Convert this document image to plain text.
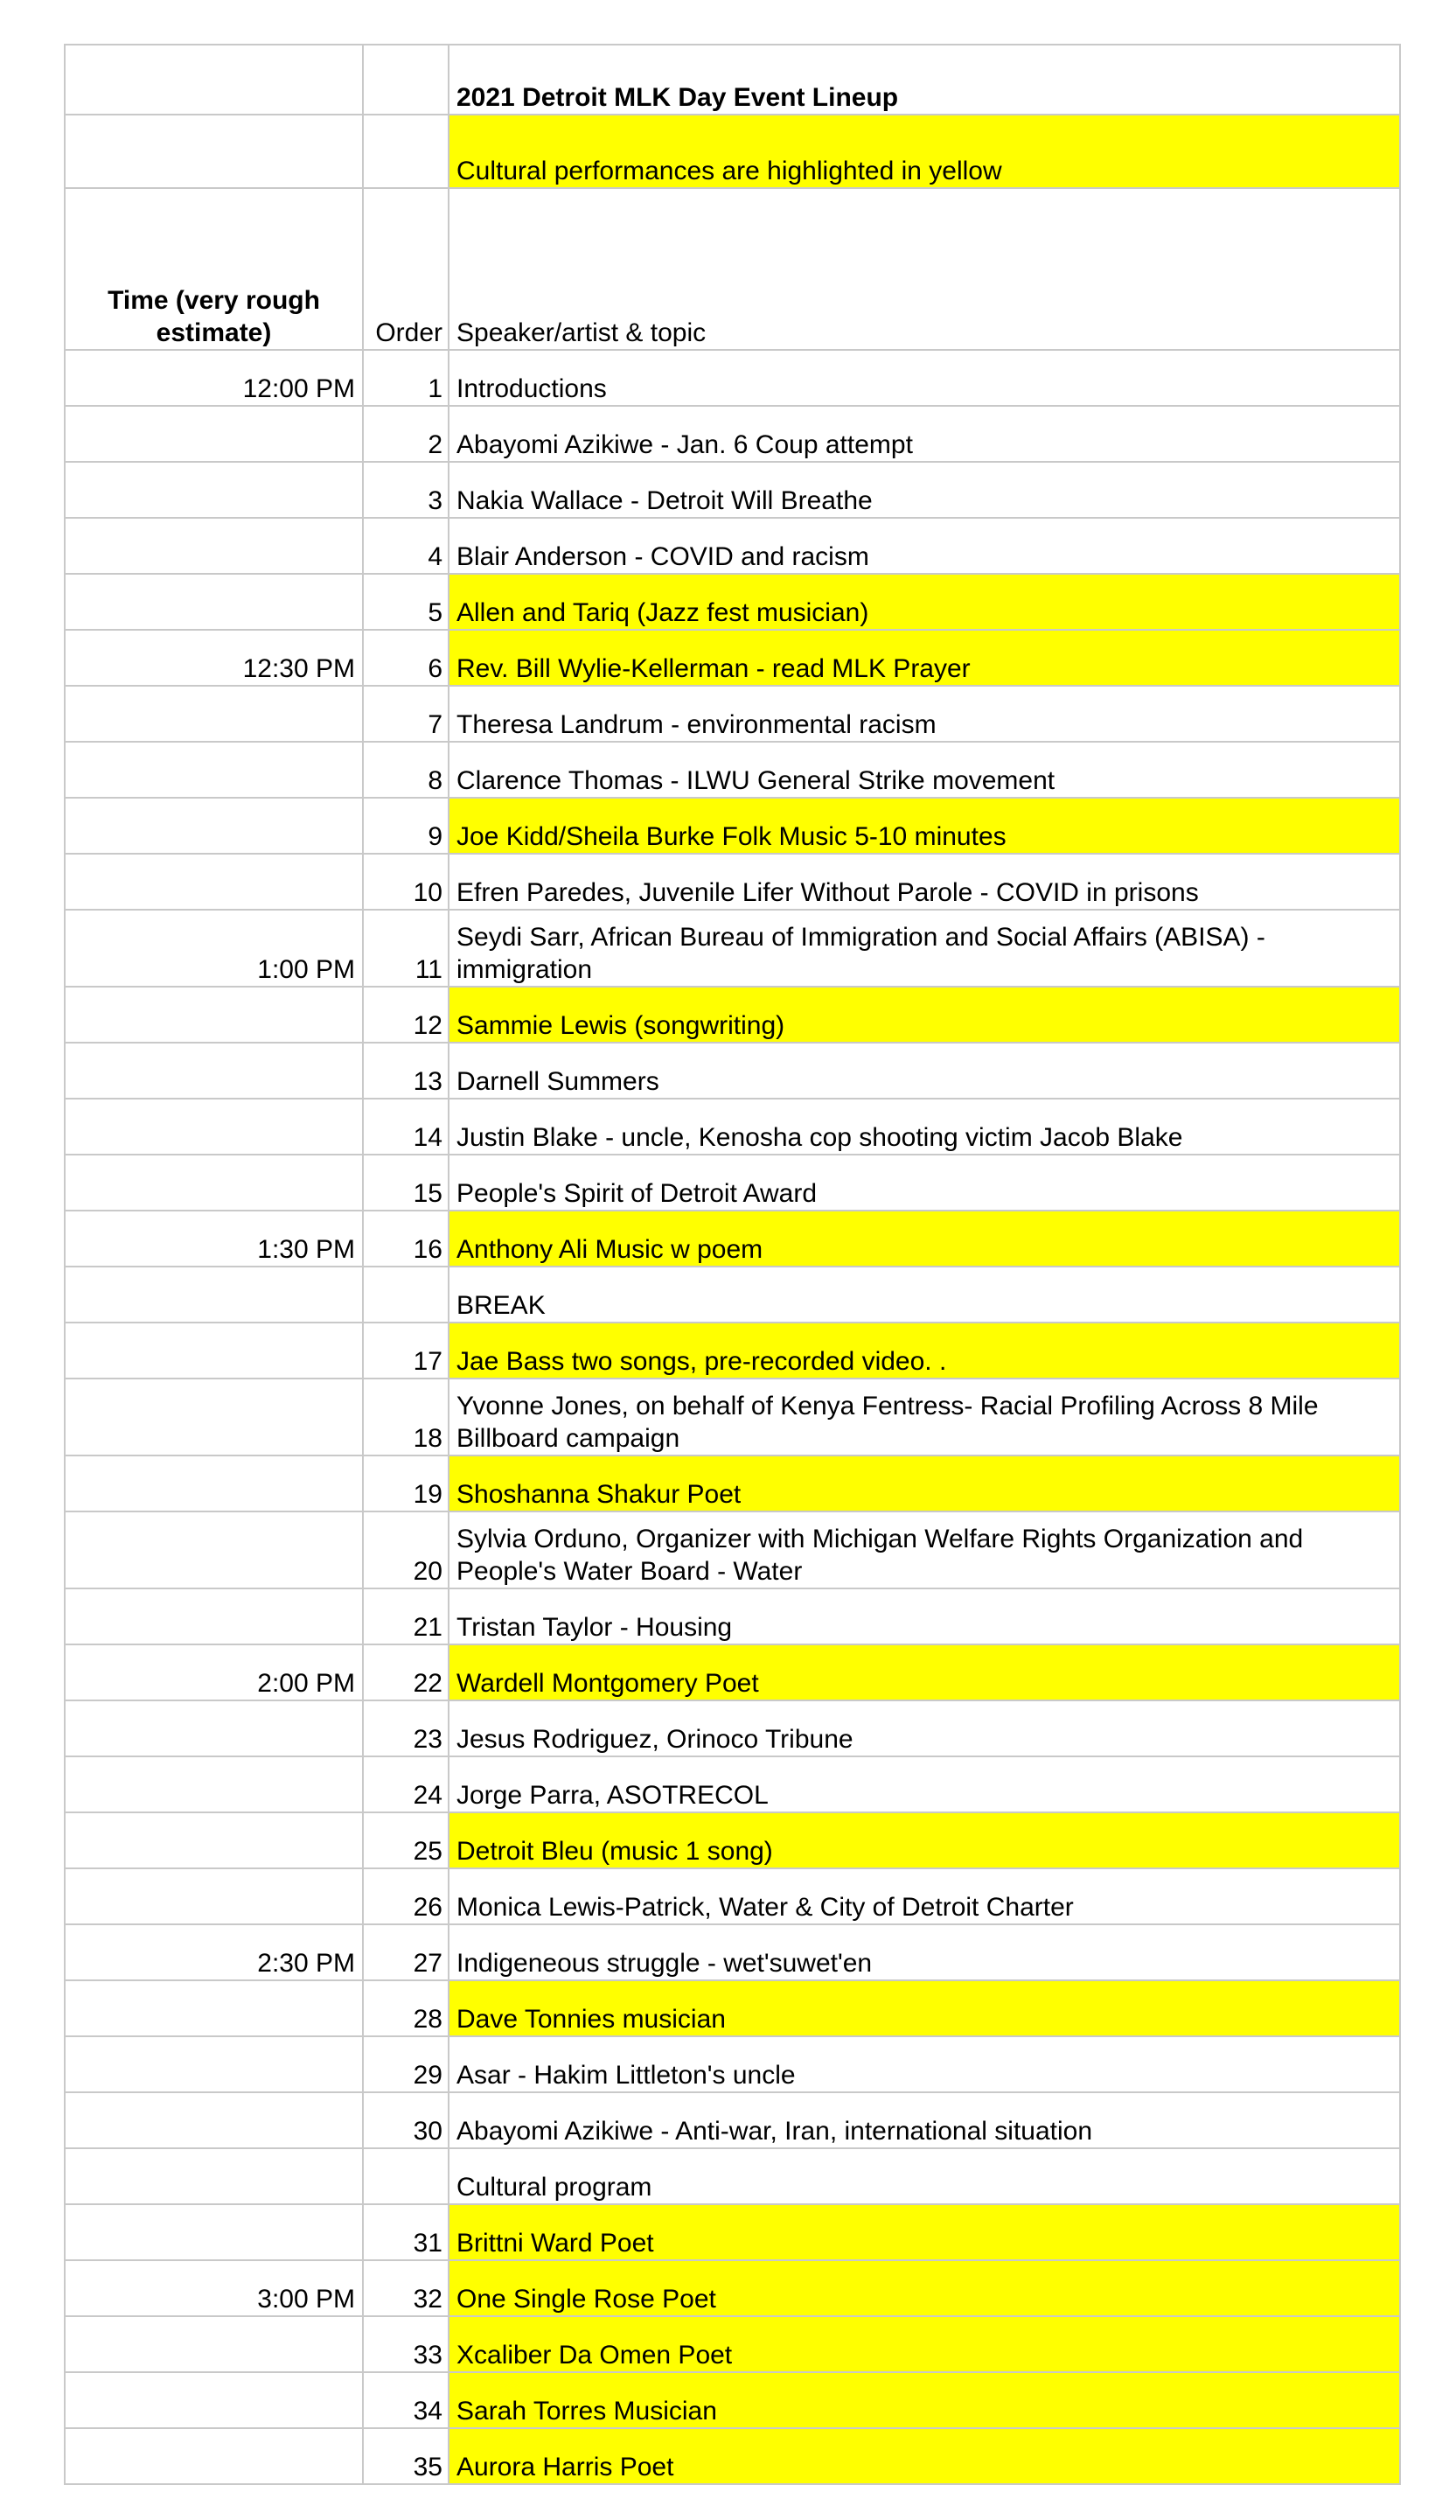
		2021 Detroit MLK Day Event Lineup
		Cultural performances are highlighted in yellow
Time (very rough estimate)	Order	Speaker/artist & topic
12:00 PM	1	Introductions
	2	Abayomi Azikiwe - Jan. 6 Coup attempt
	3	Nakia Wallace - Detroit Will Breathe
	4	Blair Anderson - COVID and racism
	5	Allen and Tariq (Jazz fest musician)
12:30 PM	6	Rev. Bill Wylie-Kellerman - read MLK Prayer
	7	Theresa Landrum - environmental racism
	8	Clarence Thomas - ILWU General Strike movement
	9	Joe Kidd/Sheila Burke Folk Music 5-10 minutes
	10	Efren Paredes, Juvenile Lifer Without Parole - COVID in prisons
1:00 PM	11	Seydi Sarr, African Bureau of Immigration and Social Affairs (ABISA) - immigration
	12	Sammie Lewis (songwriting)
	13	Darnell Summers
	14	Justin Blake - uncle, Kenosha cop shooting victim Jacob Blake
	15	People's Spirit of Detroit Award
1:30 PM	16	Anthony Ali Music w poem
		BREAK
	17	Jae Bass two songs, pre-recorded video. .
	18	Yvonne Jones, on behalf of Kenya Fentress- Racial Profiling Across 8 Mile Billboard campaign
	19	Shoshanna Shakur Poet
	20	Sylvia Orduno, Organizer with Michigan Welfare Rights Organization and People's Water Board - Water
	21	Tristan Taylor - Housing
2:00 PM	22	Wardell Montgomery Poet
	23	Jesus Rodriguez, Orinoco Tribune
	24	Jorge Parra, ASOTRECOL
	25	Detroit Bleu (music 1 song)
	26	Monica Lewis-Patrick, Water & City of Detroit Charter
2:30 PM	27	Indigeneous struggle - wet'suwet'en
	28	Dave Tonnies musician
	29	Asar - Hakim Littleton's uncle
	30	Abayomi Azikiwe - Anti-war, Iran, international situation
		Cultural program
	31	Brittni Ward Poet
3:00 PM	32	One Single Rose Poet
	33	Xcaliber Da Omen Poet
	34	Sarah Torres Musician
	35	Aurora Harris Poet
